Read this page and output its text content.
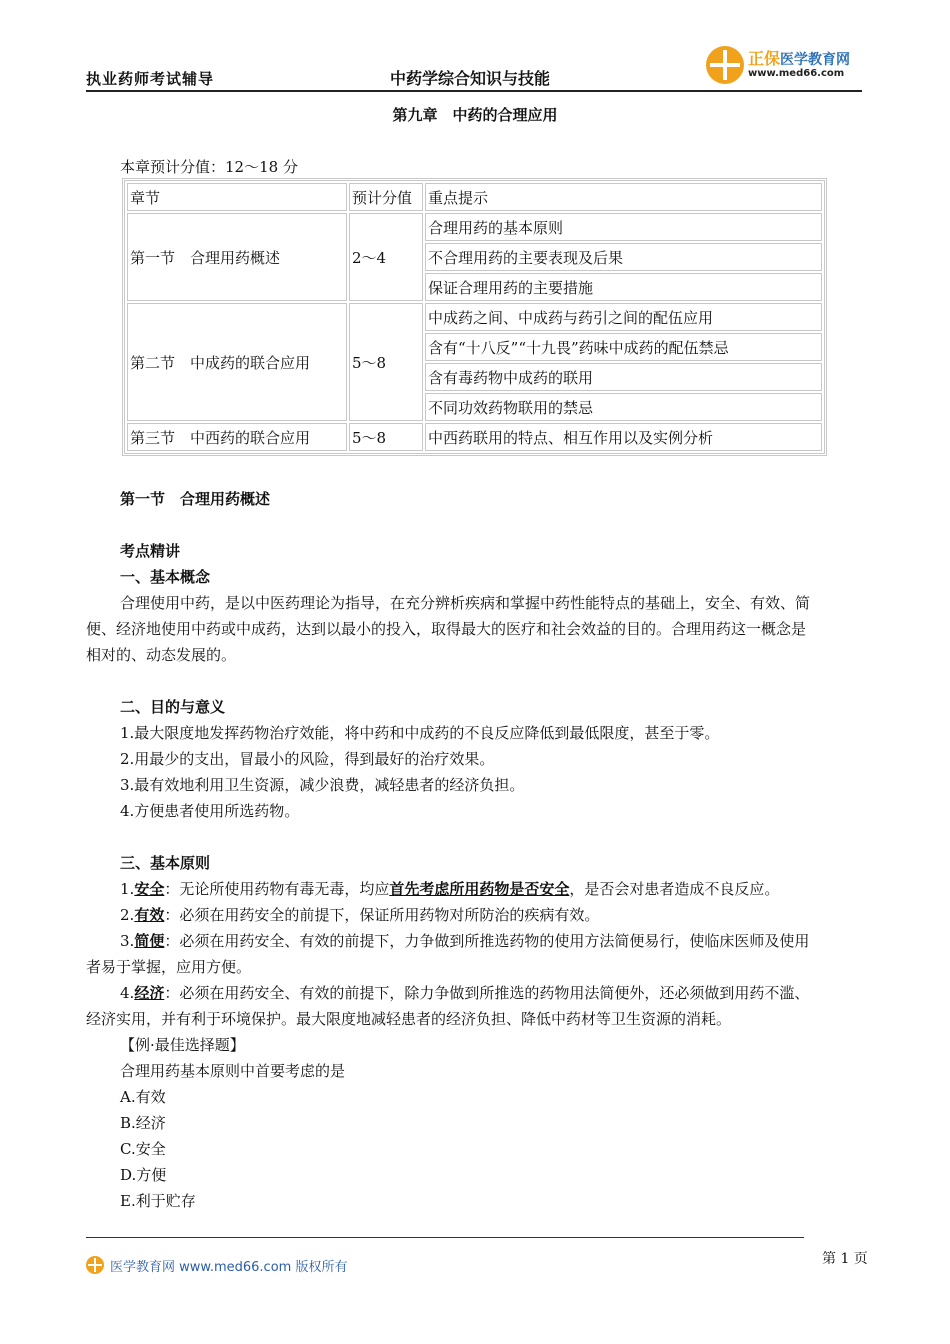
执业药师考试辅导	中药学综合知识与技能
正保医学教育网
www.med66.com
第九章　中药的合理应用
本章预计分值：12～18 分
章节	预计分值	重点提示
第一节　合理用药概述	2～4	合理用药的基本原则
		不合理用药的主要表现及后果
		保证合理用药的主要措施
第二节　中成药的联合应用	5～8	中成药之间、中成药与药引之间的配伍应用
		含有“十八反”“十九畏”药味中成药的配伍禁忌
		含有毒药物中成药的联用
		不同功效药物联用的禁忌
第三节　中西药的联合应用	5～8	中西药联用的特点、相互作用以及实例分析
第一节　合理用药概述
考点精讲
一、基本概念
合理使用中药，是以中医药理论为指导，在充分辨析疾病和掌握中药性能特点的基础上，安全、有效、简
便、经济地使用中药或中成药，达到以最小的投入，取得最大的医疗和社会效益的目的。合理用药这一概念是
相对的、动态发展的。
二、目的与意义
1.最大限度地发挥药物治疗效能，将中药和中成药的不良反应降低到最低限度，甚至于零。
2.用最少的支出，冒最小的风险，得到最好的治疗效果。
3.最有效地利用卫生资源，减少浪费，减轻患者的经济负担。
4.方便患者使用所选药物。
三、基本原则
1.安全：无论所使用药物有毒无毒，均应首先考虑所用药物是否安全，是否会对患者造成不良反应。
2.有效：必须在用药安全的前提下，保证所用药物对所防治的疾病有效。
3.简便：必须在用药安全、有效的前提下，力争做到所推选药物的使用方法简便易行，使临床医师及使用
者易于掌握，应用方便。
4.经济：必须在用药安全、有效的前提下，除力争做到所推选的药物用法简便外，还必须做到用药不滥、
经济实用，并有利于环境保护。最大限度地减轻患者的经济负担、降低中药材等卫生资源的消耗。
【例·最佳选择题】
合理用药基本原则中首要考虑的是
A.有效
B.经济
C.安全
D.方便
E.利于贮存
医学教育网 www.med66.com 版权所有
第 1 页
